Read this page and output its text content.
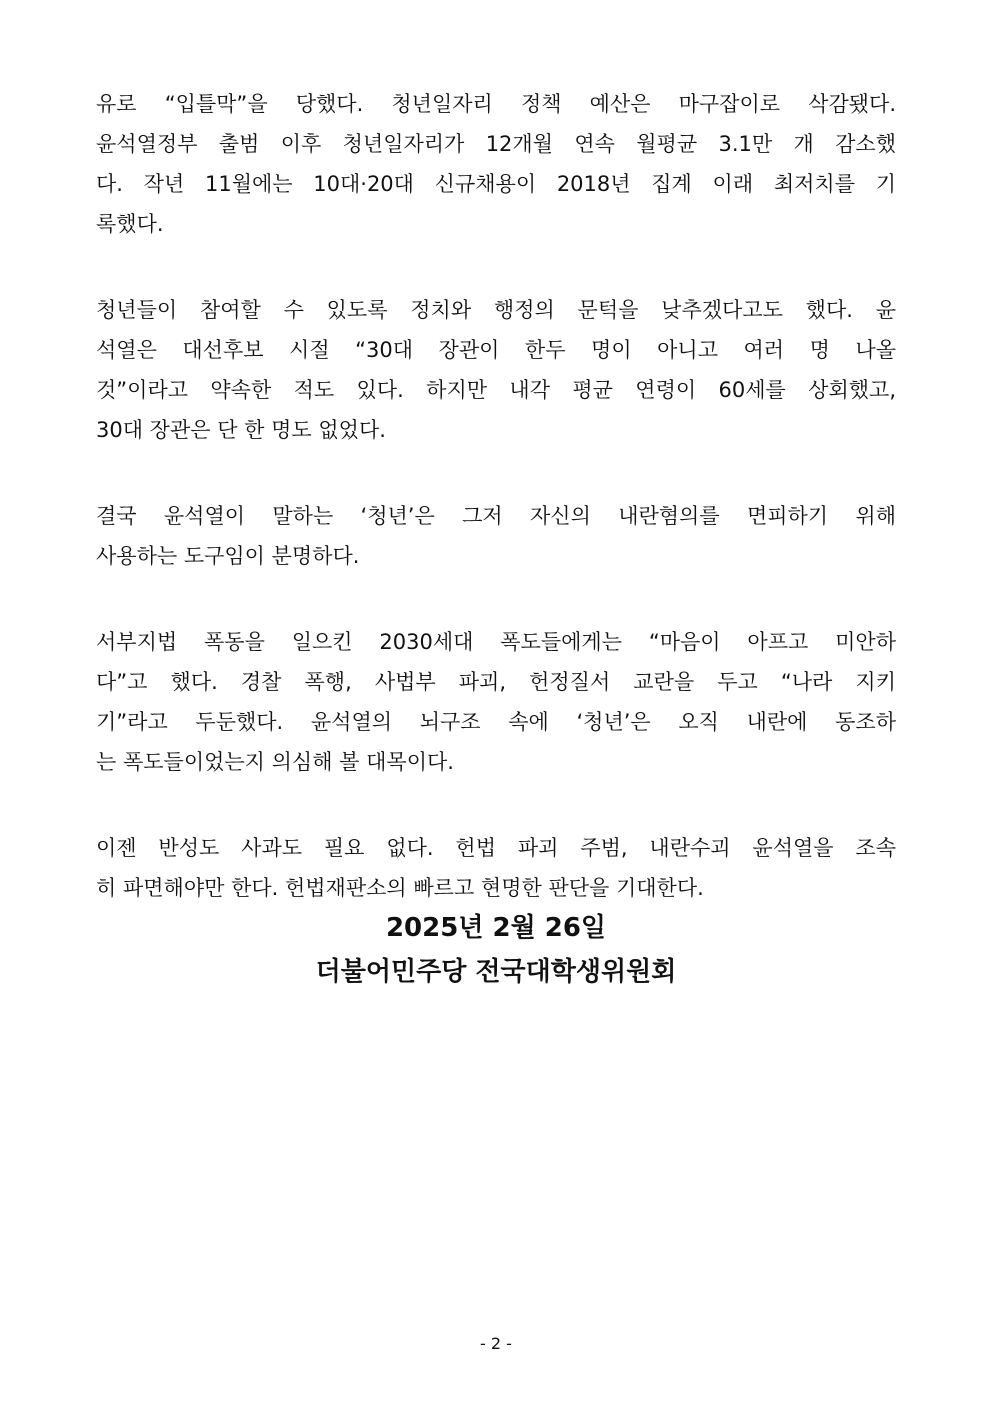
유로 “입틀막”을 당했다. 청년일자리 정책 예산은 마구잡이로 삭감됐다.
윤석열정부 출범 이후 청년일자리가 12개월 연속 월평균 3.1만 개 감소했
다. 작년 11월에는 10대·20대 신규채용이 2018년 집계 이래 최저치를 기
록했다.

청년들이 참여할 수 있도록 정치와 행정의 문턱을 낮추겠다고도 했다. 윤
석열은 대선후보 시절 “30대 장관이 한두 명이 아니고 여러 명 나올
것”이라고 약속한 적도 있다. 하지만 내각 평균 연령이 60세를 상회했고,
30대 장관은 단 한 명도 없었다.

결국 윤석열이 말하는 ‘청년’은 그저 자신의 내란혐의를 면피하기 위해
사용하는 도구임이 분명하다.

서부지법 폭동을 일으킨 2030세대 폭도들에게는 “마음이 아프고 미안하
다”고 했다. 경찰 폭행, 사법부 파괴, 헌정질서 교란을 두고 “나라 지키
기”라고 두둔했다. 윤석열의 뇌구조 속에 ‘청년’은 오직 내란에 동조하
는 폭도들이었는지 의심해 볼 대목이다.

이젠 반성도 사과도 필요 없다. 헌법 파괴 주범, 내란수괴 윤석열을 조속
히 파면해야만 한다. 헌법재판소의 빠르고 현명한 판단을 기대한다.

2025년 2월 26일
더불어민주당 전국대학생위원회
- 2 -
